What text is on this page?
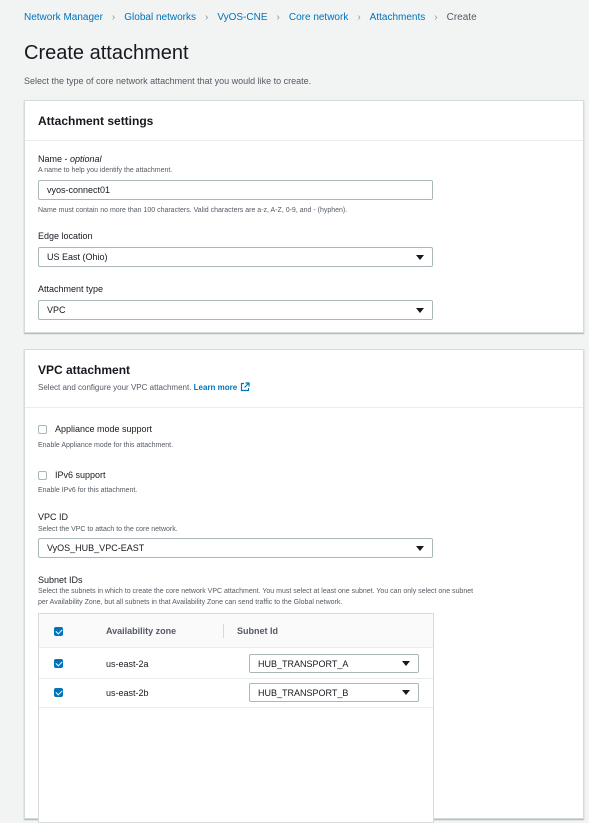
Network Manager › Global networks › VyOS-CNE › Core network › Attachments › Create
Create attachment
Select the type of core network attachment that you would like to create.
Attachment settings
Name - optional
A name to help you identify the attachment.
vyos-connect01
Name must contain no more than 100 characters. Valid characters are a-z, A-Z, 0-9, and - (hyphen).
Edge location
US East (Ohio)
Attachment type
VPC
VPC attachment
Select and configure your VPC attachment. Learn more
Appliance mode support
Enable Appliance mode for this attachment.
IPv6 support
Enable IPv6 for this attachment.
VPC ID
Select the VPC to attach to the core network.
VyOS_HUB_VPC-EAST
Subnet IDs
Select the subnets in which to create the core network VPC attachment. You must select at least one subnet. You can only select one subnet
per Availability Zone, but all subnets in that Availability Zone can send traffic to the Global network.
Availability zone	Subnet Id
us-east-2a	HUB_TRANSPORT_A
us-east-2b	HUB_TRANSPORT_B
